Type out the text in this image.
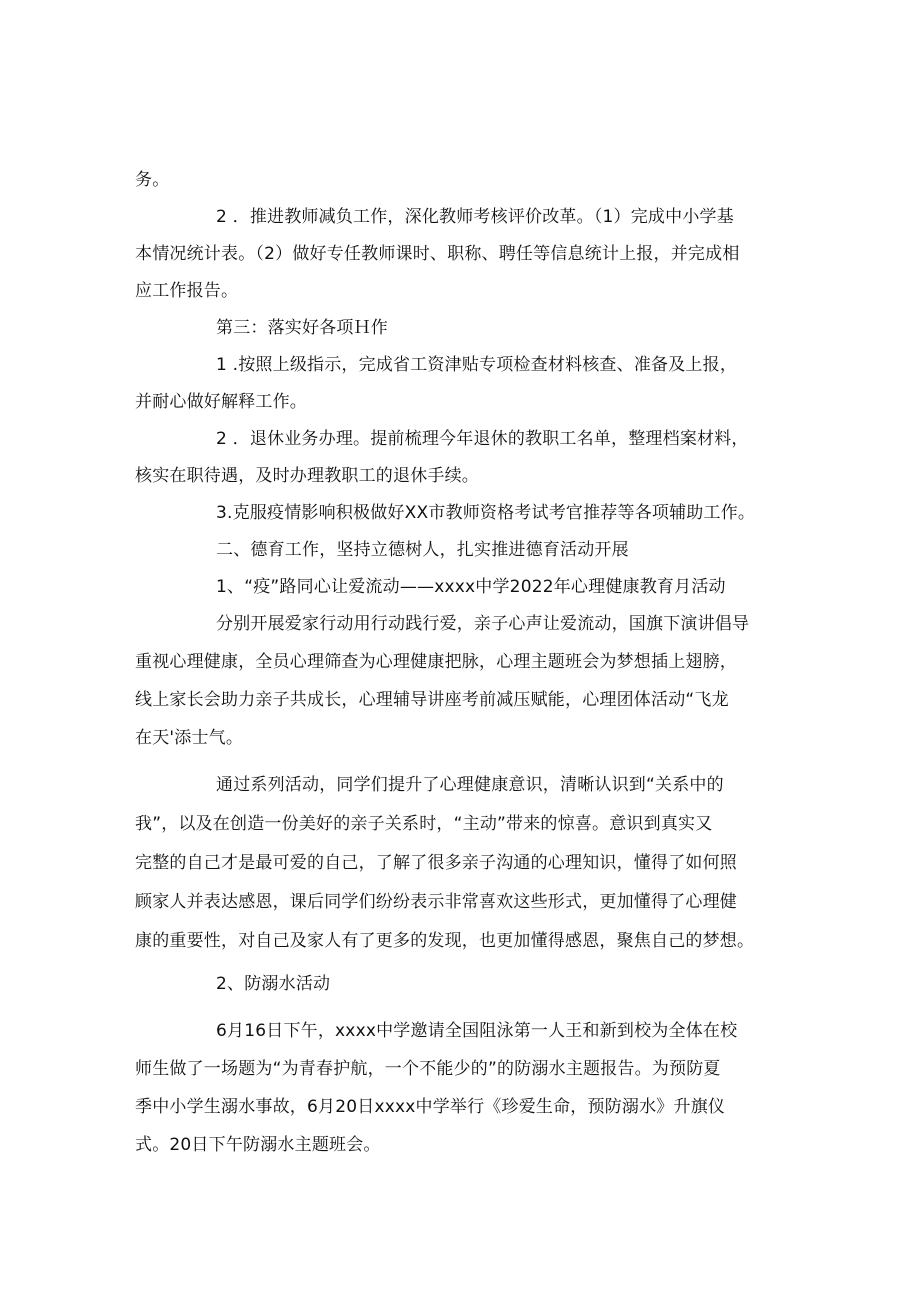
务。
2 ．推进教师减负工作，深化教师考核评价改革。（1）完成中小学基
本情况统计表。（2）做好专任教师课时、职称、聘任等信息统计上报，并完成相
应工作报告。
第三：落实好各项Ｈ作
1 .按照上级指示，完成省工资津贴专项检查材料核查、准备及上报，
并耐心做好解释工作。
2 ．退休业务办理。提前梳理今年退休的教职工名单，整理档案材料，
核实在职待遇，及时办理教职工的退休手续。
3.克服疫情影响积极做好XX市教师资格考试考官推荐等各项辅助工作。
二、德育工作，坚持立德树人，扎实推进德育活动开展
1、“疫”路同心让爱流动——xxxx中学2022年心理健康教育月活动
分别开展爱家行动用行动践行爱，亲子心声让爱流动，国旗下演讲倡导
重视心理健康，全员心理筛查为心理健康把脉，心理主题班会为梦想插上翅膀，
线上家长会助力亲子共成长，心理辅导讲座考前减压赋能，心理团体活动“飞龙
在天'添士气。
通过系列活动，同学们提升了心理健康意识，清晰认识到“关系中的
我”，以及在创造一份美好的亲子关系时，“主动”带来的惊喜。意识到真实又
完整的自己才是最可爱的自己，了解了很多亲子沟通的心理知识，懂得了如何照
顾家人并表达感恩，课后同学们纷纷表示非常喜欢这些形式，更加懂得了心理健
康的重要性，对自己及家人有了更多的发现，也更加懂得感恩，聚焦自己的梦想。
2、防溺水活动
6月16日下午，xxxx中学邀请全国阻泳第一人王和新到校为全体在校
师生做了一场题为“为青春护航，一个不能少的”的防溺水主题报告。为预防夏
季中小学生溺水事故，6月20日xxxx中学举行《珍爱生命，预防溺水》升旗仪
式。20日下午防溺水主题班会。
